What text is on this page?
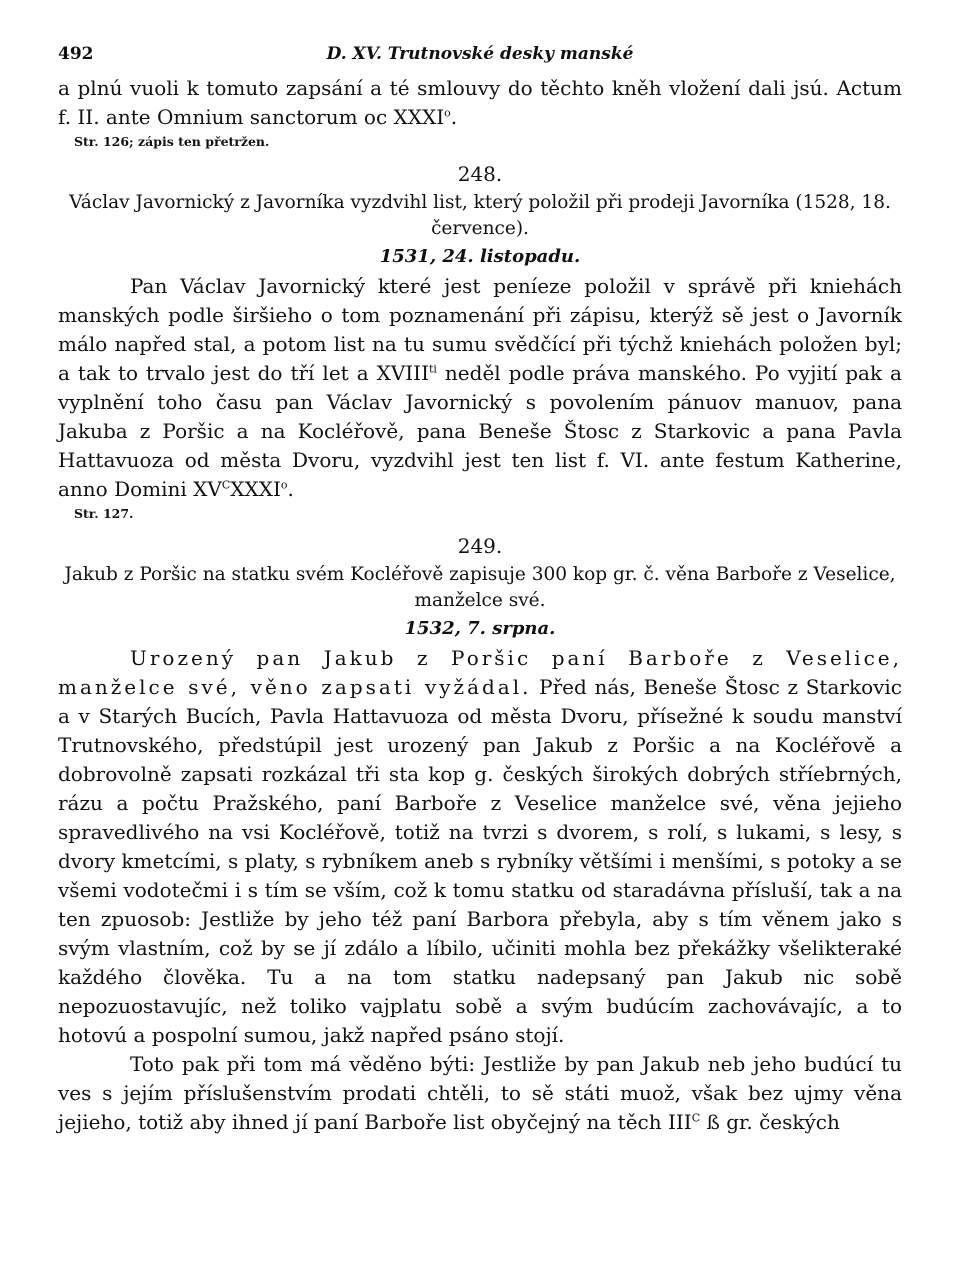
492	D. XV. Trutnovské desky manské

a plnú vuoli k tomuto zapsání a té smlouvy do těchto kněh vložení dali jsú. Actum f. II. ante Omnium sanctorum oc XXXI$^o$.

Str. 126; zápis ten přetržen.

248.

Václav Javornický z Javorníka vyzdvihl list, který položil při prodeji Javorníka (1528, 18. července).

1531, 24. listopadu.

Pan Václav Javornický které jest peníeze položil v správě při kniehách manských podle širšieho o tom poznamenání při zápisu, kterýž sě jest o Javorník málo napřed stal, a potom list na tu sumu svědčící při týchž kniehách položen byl; a tak to trvalo jest do tří let a $XVIII^{ti}$ neděl podle práva manského. Po vyjití pak a vyplnění toho času pan Václav Javornický s povolením pánuov manuov, pana Jakuba z Poršic a na Kocléřově, pana Beneše Štosc z Starkovic a pana Pavla Hattavuoza od města Dvoru, vyzdvihl jest ten list f. VI. ante festum Katherine, anno Domini $XV^CXXXI^o$.

Str. 127.

249.

Jakub z Poršic na statku svém Kocléřově zapisuje 300 kop gr. č. věna Barboře z Veselice, manželce své.

1532, 7. srpna.

Urozený pan Jakub z Poršic paní Barboře z Veselice, manželce své, věno zapsati vyžádal. Před nás, Beneše Štosc z Starkovic a v Starých Bucích, Pavla Hattavuoza od města Dvoru, přísežné k soudu manství Trutnovského, předstúpil jest urozený pan Jakub z Poršic a na Kocléřově a dobrovolně zapsati rozkázal tři sta kop g. českých širokých dobrých stříebrných, rázu a počtu Pražského, paní Barboře z Veselice manželce své, věna jejieho spravedlivého na vsi Kocléřově, totiž na tvrzi s dvorem, s rolí, s lukami, s lesy, s dvory kmetcími, s platy, s rybníkem aneb s rybníky většími i menšími, s potoky a se všemi vodotečmi i s tím se vším, což k tomu statku od staradávna přísluší, tak a na ten zpuosob: Jestliže by jeho též paní Barbora přebyla, aby s tím věnem jako s svým vlastním, což by se jí zdálo a líbilo, učiniti mohla bez překážky všelikteraké každého člověka. Tu a na tom statku nadepsaný pan Jakub nic sobě nepozuostavujíc, než toliko vajplatu sobě a svým budúcím zachovávajíc, a to hotovú a pospolní sumou, jakž napřed psáno stojí.

Toto pak při tom má věděno býti: Jestliže by pan Jakub neb jeho budúcí tu ves s jejím příslušenstvím prodati chtěli, to sě státi muož, však bez ujmy věna jejieho, totiž aby ihned jí paní Barboře list obyčejný na těch $III^C$ ß gr. českých
